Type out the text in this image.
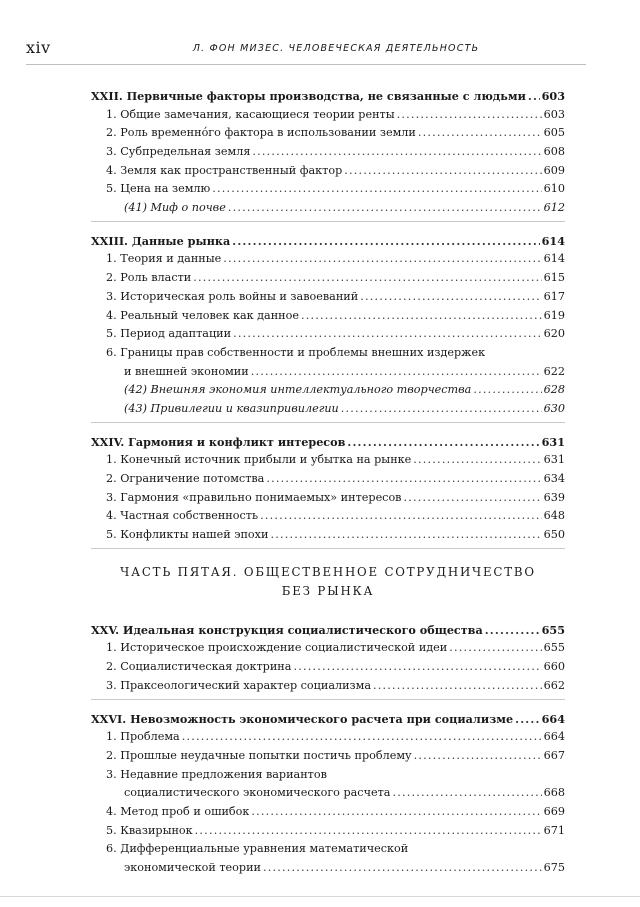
xiv	Л. ФОН МИЗЕС. ЧЕЛОВЕЧЕСКАЯ ДЕЯТЕЛЬНОСТЬ
XXII. Первичные факторы производства, не связанные с людьми ..... 603
1. Общие замечания, касающиеся теории ренты .....	603
2. Роль временнóго фактора в использовании земли .....	605
3. Субпредельная земля .....	608
4. Земля как пространственный фактор .....	609
5. Цена на землю .....	610
(41) Миф о почве .....	612
XXIII. Данные рынка .....	614
1. Теория и данные .....	614
2. Роль власти .....	615
3. Историческая роль войны и завоеваний .....	617
4. Реальный человек как данное .....	619
5. Период адаптации .....	620
6. Границы прав собственности и проблемы внешних издержек
и внешней экономии .....	622
(42) Внешняя экономия интеллектуального творчества .....	628
(43) Привилегии и квазипривилегии .....	630
XXIV. Гармония и конфликт интересов .....	631
1. Конечный источник прибыли и убытка на рынке .....	631
2. Ограничение потомства .....	634
3. Гармония «правильно понимаемых» интересов .....	639
4. Частная собственность .....	648
5. Конфликты нашей эпохи .....	650
ЧАСТЬ ПЯТАЯ. ОБЩЕСТВЕННОЕ СОТРУДНИЧЕСТВО
БЕЗ РЫНКА
XXV. Идеальная конструкция социалистического общества .....	655
1. Историческое происхождение социалистической идеи .....	655
2. Социалистическая доктрина .....	660
3. Праксеологический характер социализма .....	662
XXVI. Невозможность экономического расчета при социализме .....	664
1. Проблема .....	664
2. Прошлые неудачные попытки постичь проблему .....	667
3. Недавние предложения вариантов
социалистического экономического расчета .....	668
4. Метод проб и ошибок .....	669
5. Квазирынок .....	671
6. Дифференциальные уравнения математической
экономической теории .....	675
